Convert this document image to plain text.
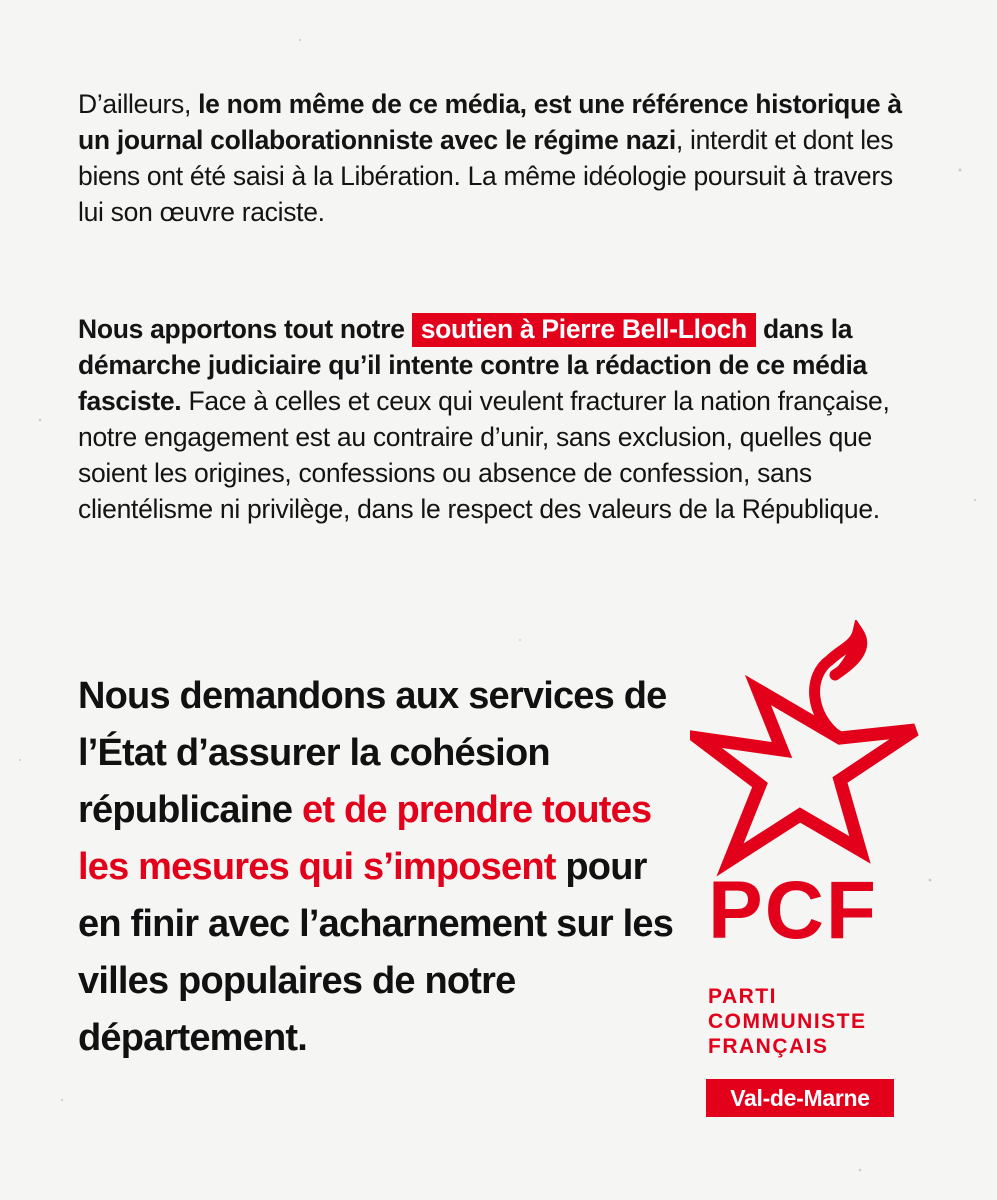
D’ailleurs, le nom même de ce média, est une référence historique à un journal collaborationniste avec le régime nazi, interdit et dont les biens ont été saisi à la Libération. La même idéologie poursuit à travers lui son œuvre raciste.

Nous apportons tout notre soutien à Pierre Bell-Lloch dans la démarche judiciaire qu’il intente contre la rédaction de ce média fasciste. Face à celles et ceux qui veulent fracturer la nation française, notre engagement est au contraire d’unir, sans exclusion, quelles que soient les origines, confessions ou absence de confession, sans clientélisme ni privilège, dans le respect des valeurs de la République.

Nous demandons aux services de l’État d’assurer la cohésion républicaine et de prendre toutes les mesures qui s’imposent pour en finir avec l’acharnement sur les villes populaires de notre département.

PCF

PARTI

COMMUNISTE

FRANÇAIS

Val-de-Marne
